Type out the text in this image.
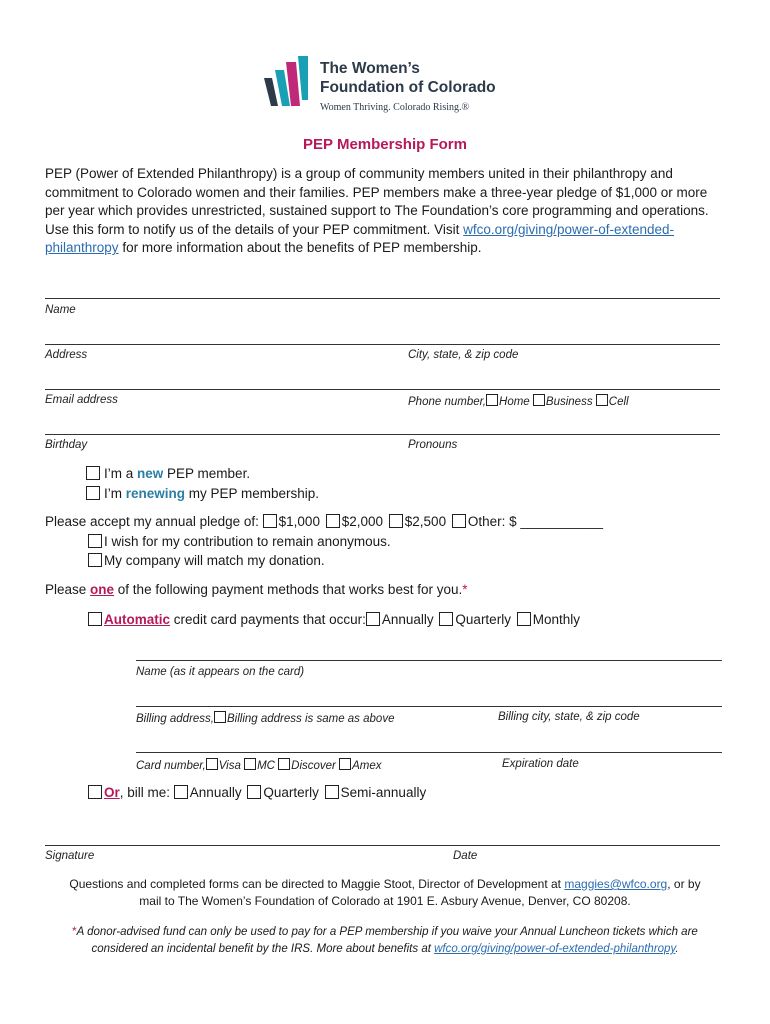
The Women’s
Foundation of Colorado
Women Thriving. Colorado Rising.®
PEP Membership Form
PEP (Power of Extended Philanthropy) is a group of community members united in their philanthropy and commitment to Colorado women and their families. PEP members make a three-year pledge of $1,000 or more per year which provides unrestricted, sustained support to The Foundation’s core programming and operations. Use this form to notify us of the details of your PEP commitment. Visit wfco.org/giving/power-of-extended-philanthropy for more information about the benefits of PEP membership.
Name
Address	City, state, & zip code
Email address	Phone number, Home Business Cell
Birthday	Pronouns
I’m a new PEP member.
I’m renewing my PEP membership.
Please accept my annual pledge of: $1,000 $2,000 $2,500 Other: $ ___________
I wish for my contribution to remain anonymous.
My company will match my donation.
Please one of the following payment methods that works best for you.*
Automatic credit card payments that occur: Annually Quarterly Monthly
Name (as it appears on the card)
Billing address, Billing address is same as above	Billing city, state, & zip code
Card number, Visa MC Discover Amex	Expiration date
Or, bill me: Annually Quarterly Semi-annually
Signature	Date
Questions and completed forms can be directed to Maggie Stoot, Director of Development at maggies@wfco.org, or by
mail to The Women’s Foundation of Colorado at 1901 E. Asbury Avenue, Denver, CO 80208.
*A donor-advised fund can only be used to pay for a PEP membership if you waive your Annual Luncheon tickets which are
considered an incidental benefit by the IRS. More about benefits at wfco.org/giving/power-of-extended-philanthropy.
